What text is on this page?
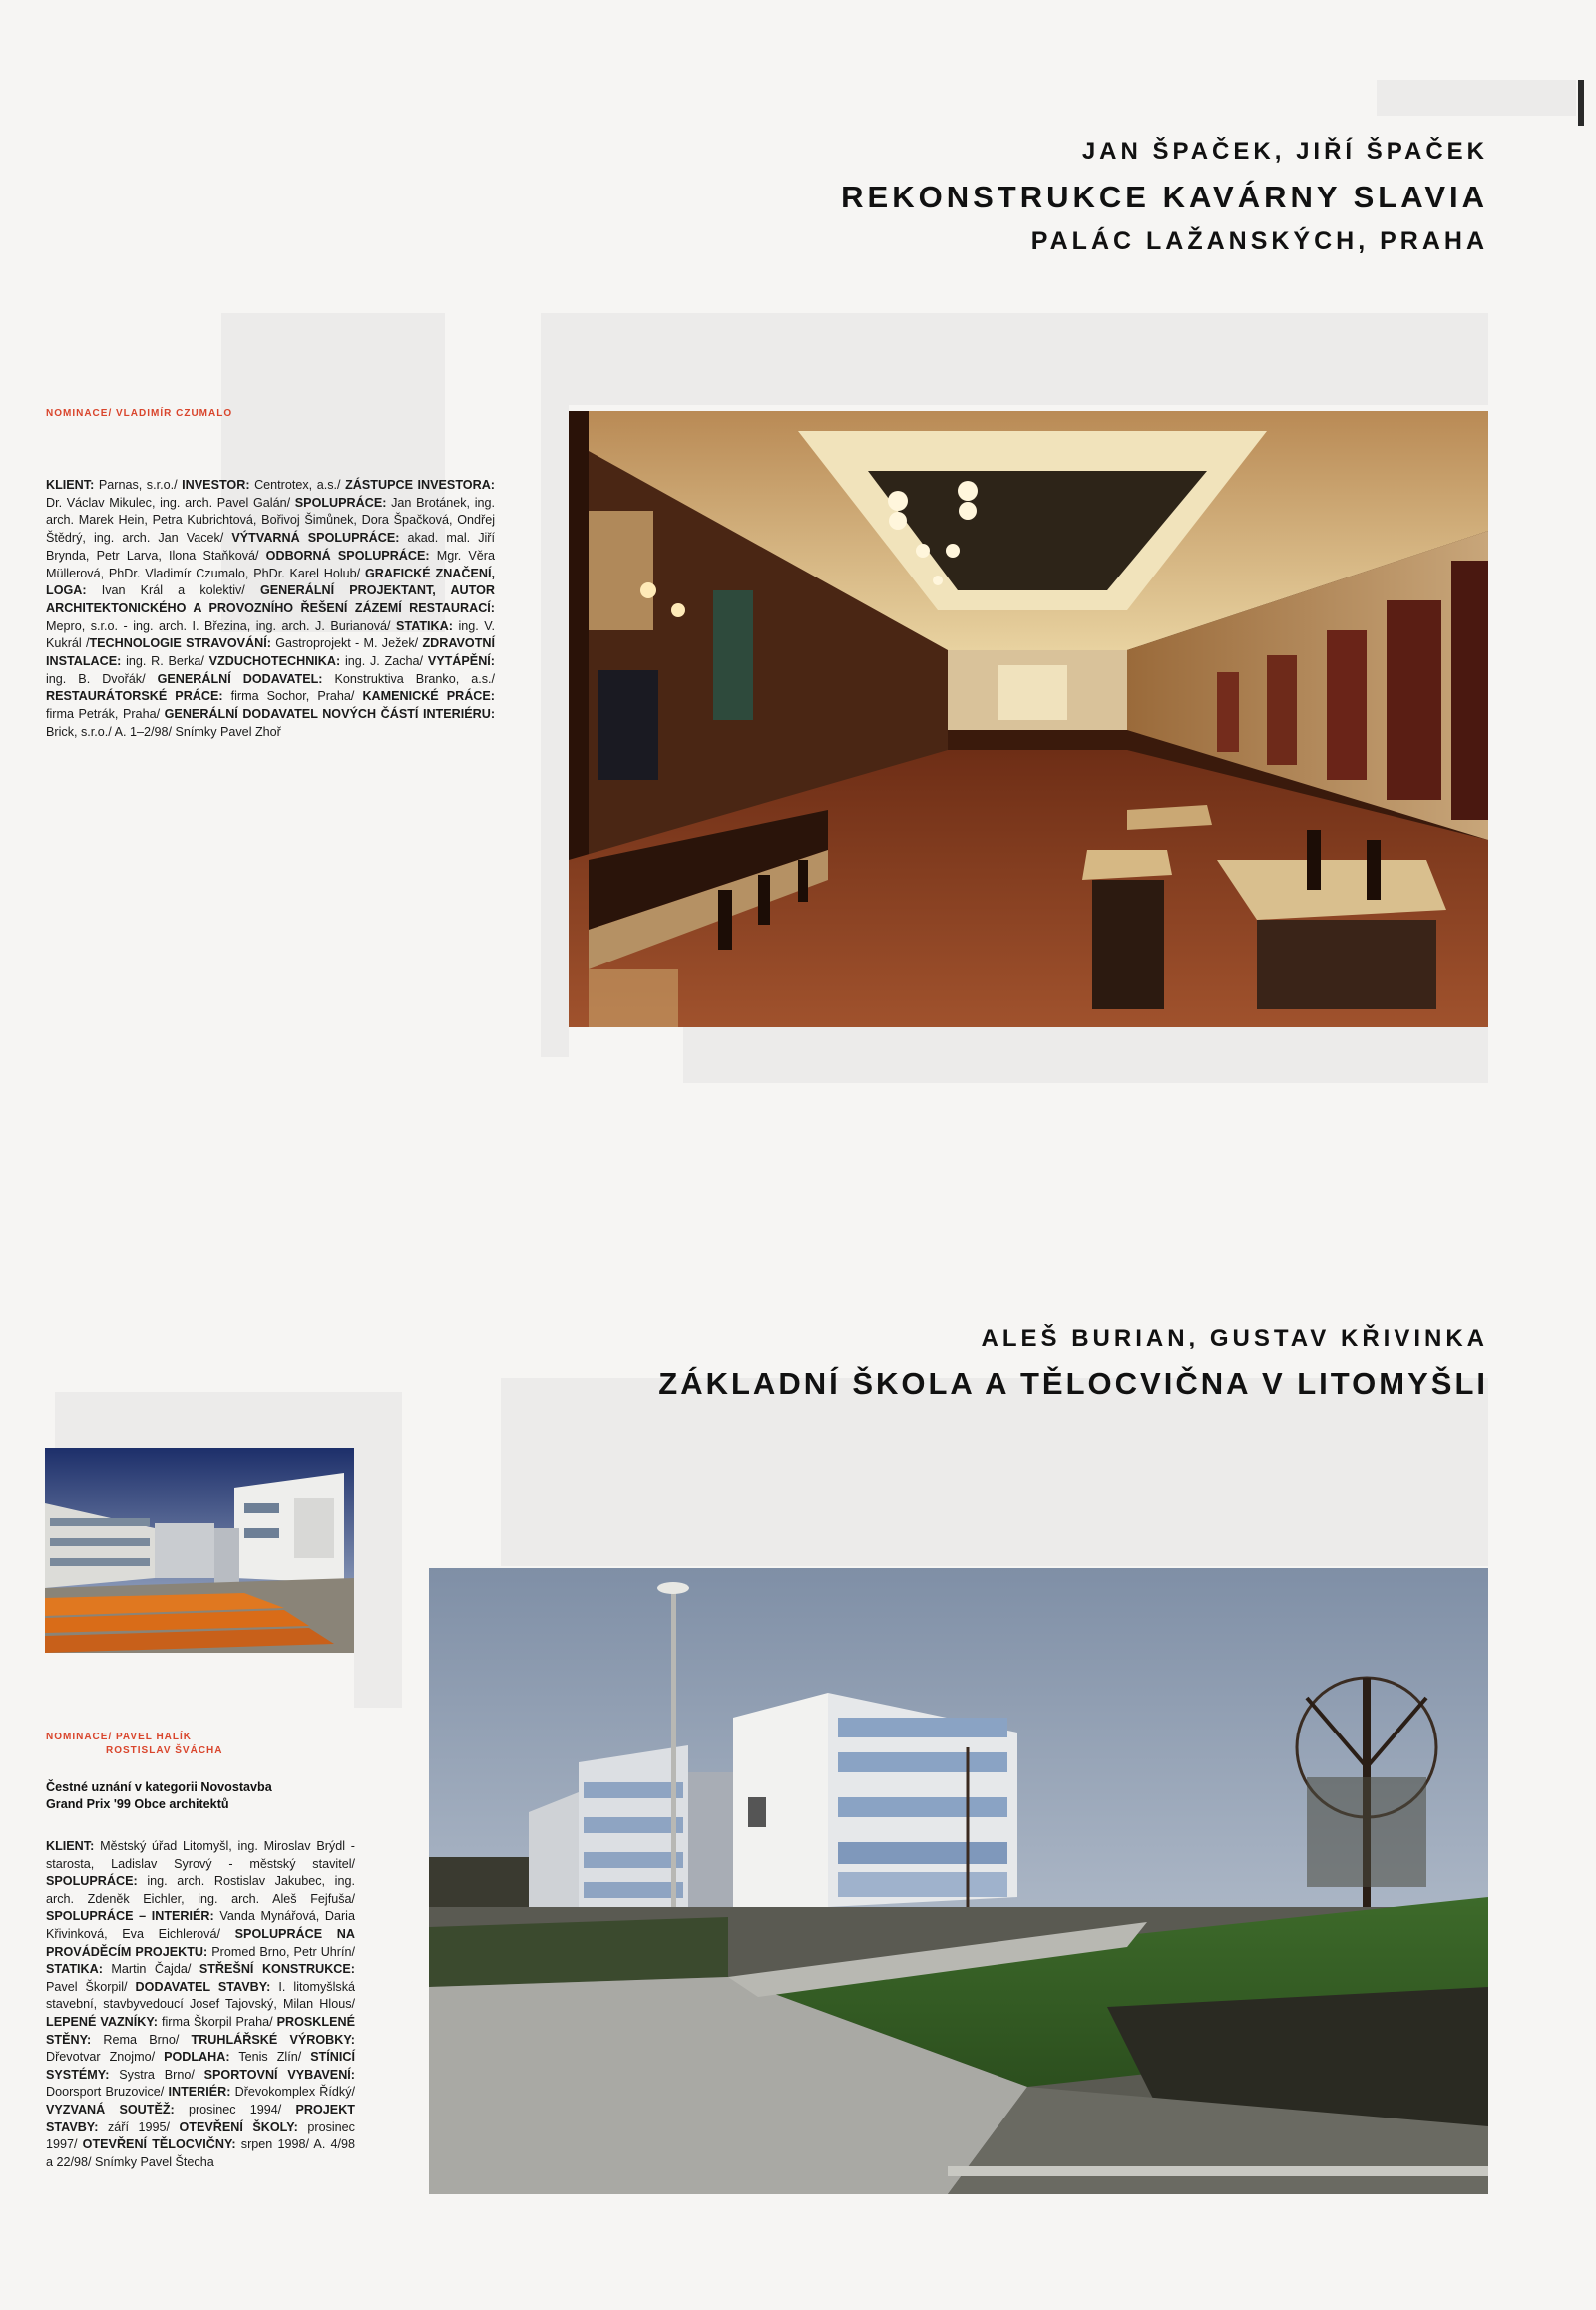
JAN ŠPAČEK, JIŘÍ ŠPAČEK
REKONSTRUKCE KAVÁRNY SLAVIA
PALÁC LAŽANSKÝCH, PRAHA
NOMINACE/ VLADIMÍR CZUMALO
KLIENT: Parnas, s.r.o./ INVESTOR: Centrotex, a.s./ ZÁSTUPCE INVESTORA: Dr. Václav Mikulec, ing. arch. Pavel Galán/ SPOLUPRÁCE: Jan Brotánek, ing. arch. Marek Hein, Petra Kubrichtová, Bořivoj Šimůnek, Dora Špačková, Ondřej Štědrý, ing. arch. Jan Vacek/ VÝTVARNÁ SPOLUPRÁCE: akad. mal. Jiří Brynda, Petr Larva, Ilona Staňková/ ODBORNÁ SPOLUPRÁCE: Mgr. Věra Müllerová, PhDr. Vladimír Czumalo, PhDr. Karel Holub/ GRAFICKÉ ZNAČENÍ, LOGA: Ivan Král a kolektiv/ GENERÁLNÍ PROJEKTANT, AUTOR ARCHITEKTONICKÉHO A PROVOZNÍHO ŘEŠENÍ ZÁZEMÍ RESTAURACÍ: Mepro, s.r.o. - ing. arch. I. Březina, ing. arch. J. Burianová/ STATIKA: ing. V. Kukrál /TECHNOLOGIE STRAVOVÁNÍ: Gastroprojekt - M. Ježek/ ZDRAVOTNÍ INSTALACE: ing. R. Berka/ VZDUCHOTECHNIKA: ing. J. Zacha/ VYTÁPĚNÍ: ing. B. Dvořák/ GENERÁLNÍ DODAVATEL: Konstruktiva Branko, a.s./ RESTAURÁTORSKÉ PRÁCE: firma Sochor, Praha/ KAMENICKÉ PRÁCE: firma Petrák, Praha/ GENERÁLNÍ DODAVATEL NOVÝCH ČÁSTÍ INTERIÉRU: Brick, s.r.o./ A. 1–2/98/ Snímky Pavel Zhoř
ALEŠ BURIAN, GUSTAV KŘIVINKA
ZÁKLADNÍ ŠKOLA A TĚLOCVIČNA V LITOMYŠLI
NOMINACE/ PAVEL HALÍK
ROSTISLAV ŠVÁCHA
Čestné uznání v kategorii Novostavba Grand Prix '99 Obce architektů
KLIENT: Městský úřad Litomyšl, ing. Miroslav Brýdl - starosta, Ladislav Syrový - městský stavitel/ SPOLUPRÁCE: ing. arch. Rostislav Jakubec, ing. arch. Zdeněk Eichler, ing. arch. Aleš Fejfuša/ SPOLUPRÁCE – INTERIÉR: Vanda Mynářová, Daria Křivinková, Eva Eichlerová/ SPOLUPRÁCE NA PROVÁDĚCÍM PROJEKTU: Promed Brno, Petr Uhrín/ STATIKA: Martin Čajda/ STŘEŠNÍ KONSTRUKCE: Pavel Škorpil/ DODAVATEL STAVBY: I. litomyšlská stavební, stavbyvedoucí Josef Tajovský, Milan Hlous/ LEPENÉ VAZNÍKY: firma Škorpil Praha/ PROSKLENÉ STĚNY: Rema Brno/ TRUHLÁŘSKÉ VÝROBKY: Dřevotvar Znojmo/ PODLAHA: Tenis Zlín/ STÍNICÍ SYSTÉMY: Systra Brno/ SPORTOVNÍ VYBAVENÍ: Doorsport Bruzovice/ INTERIÉR: Dřevokomplex Řídký/ VYZVANÁ SOUTĚŽ: prosinec 1994/ PROJEKT STAVBY: září 1995/ OTEVŘENÍ ŠKOLY: prosinec 1997/ OTEVŘENÍ TĚLOCVIČNY: srpen 1998/ A. 4/98 a 22/98/ Snímky Pavel Štecha
